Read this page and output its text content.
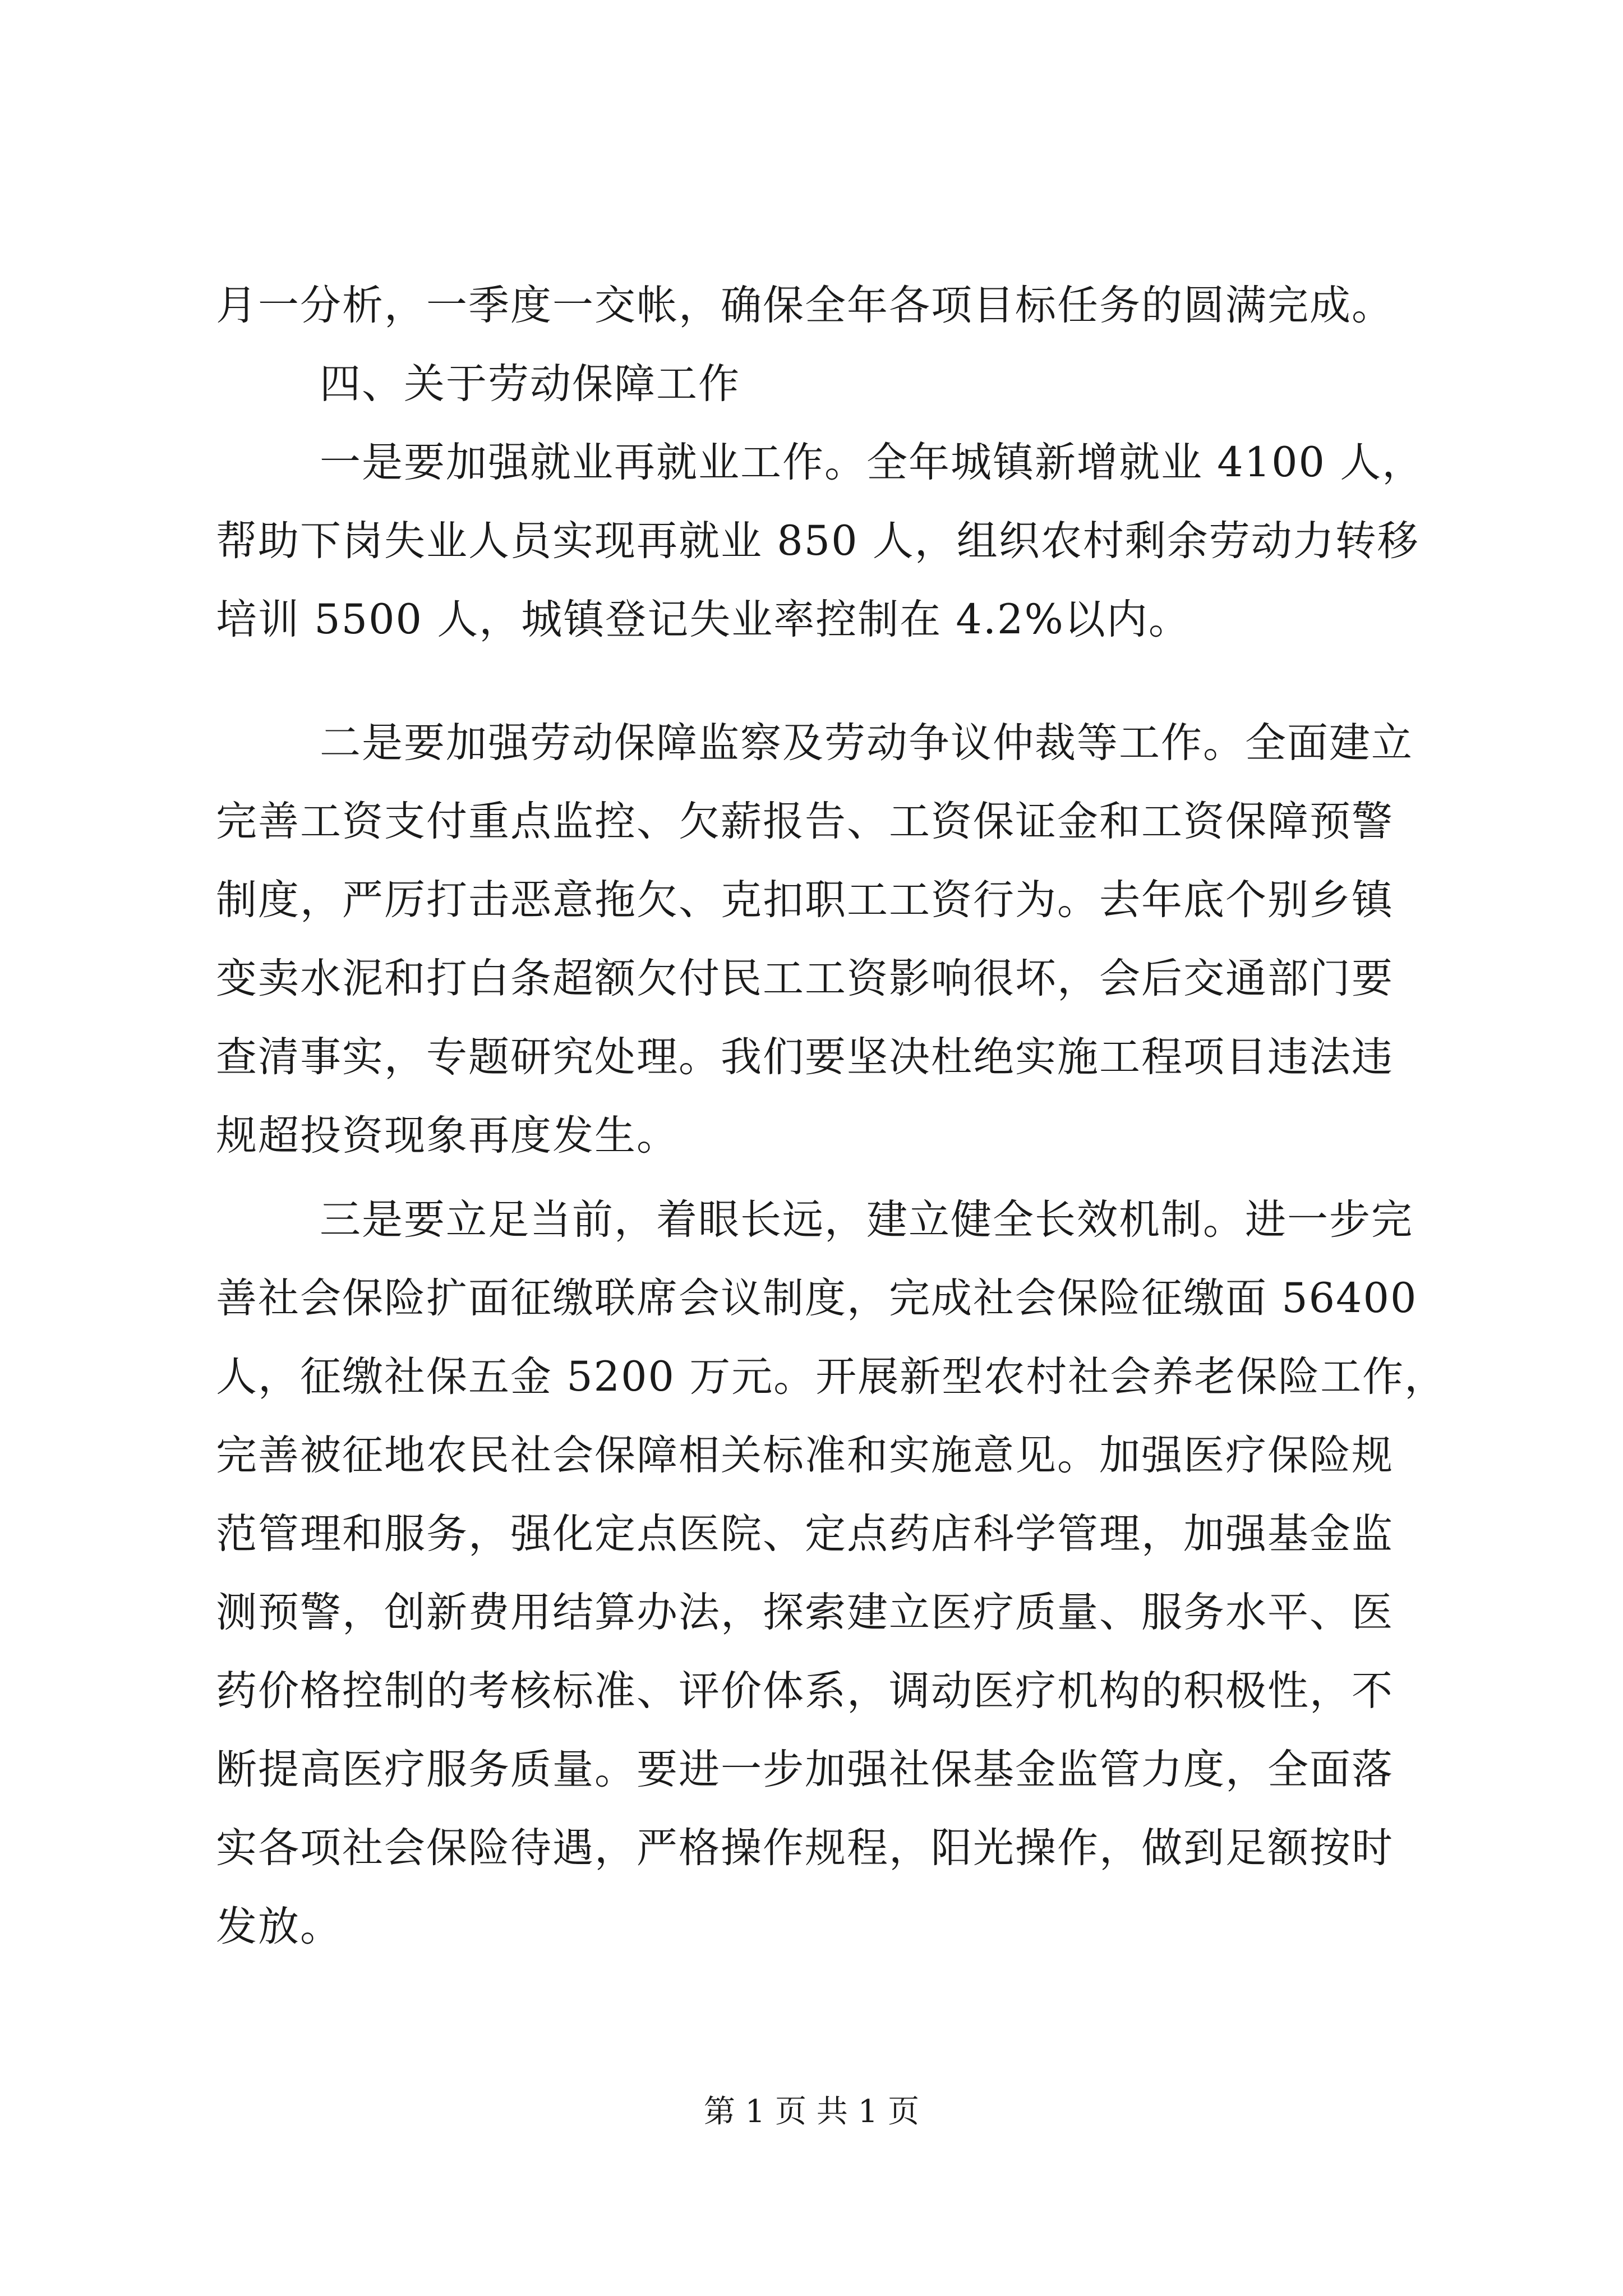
月一分析，一季度一交帐，确保全年各项目标任务的圆满完成。
四、关于劳动保障工作
一是要加强就业再就业工作。全年城镇新增就业 4100 人，
帮助下岗失业人员实现再就业 850 人，组织农村剩余劳动力转移
培训 5500 人，城镇登记失业率控制在 4.2%以内。
二是要加强劳动保障监察及劳动争议仲裁等工作。全面建立
完善工资支付重点监控、欠薪报告、工资保证金和工资保障预警
制度，严厉打击恶意拖欠、克扣职工工资行为。去年底个别乡镇
变卖水泥和打白条超额欠付民工工资影响很坏，会后交通部门要
查清事实，专题研究处理。我们要坚决杜绝实施工程项目违法违
规超投资现象再度发生。
三是要立足当前，着眼长远，建立健全长效机制。进一步完
善社会保险扩面征缴联席会议制度，完成社会保险征缴面 56400
人，征缴社保五金 5200 万元。开展新型农村社会养老保险工作，
完善被征地农民社会保障相关标准和实施意见。加强医疗保险规
范管理和服务，强化定点医院、定点药店科学管理，加强基金监
测预警，创新费用结算办法，探索建立医疗质量、服务水平、医
药价格控制的考核标准、评价体系，调动医疗机构的积极性，不
断提高医疗服务质量。要进一步加强社保基金监管力度，全面落
实各项社会保险待遇，严格操作规程，阳光操作，做到足额按时
发放。
第 1 页 共 1 页
